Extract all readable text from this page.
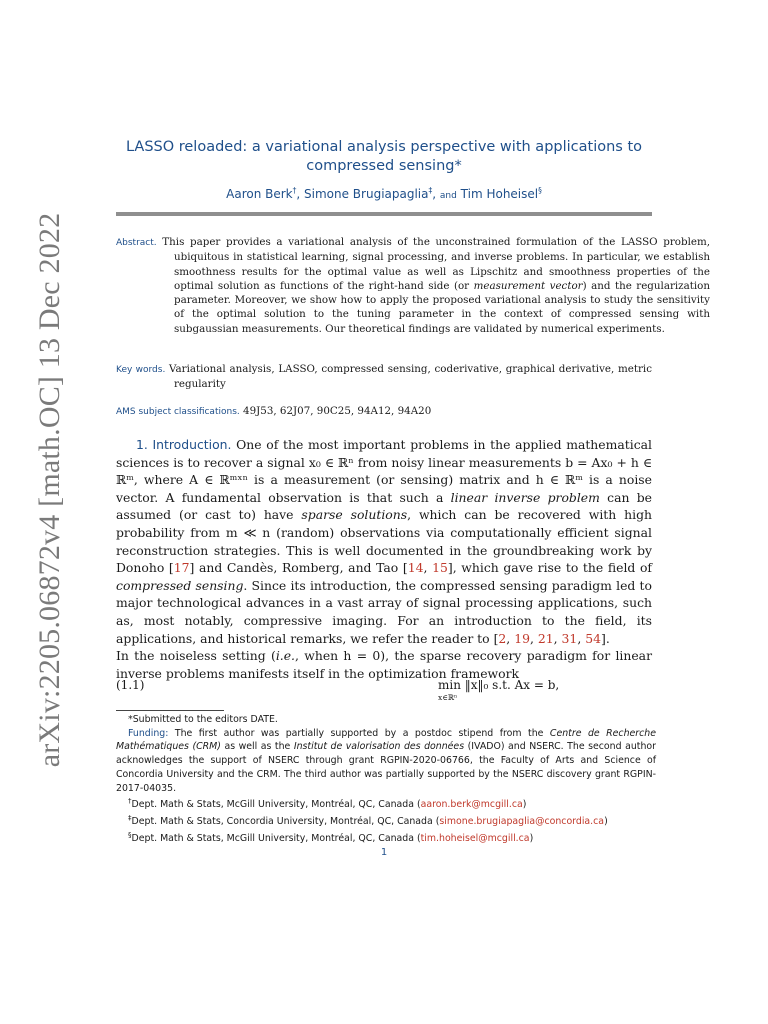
arXiv:2205.06872v4 [math.OC] 13 Dec 2022
LASSO reloaded: a variational analysis perspective with applications to
compressed sensing*
Aaron Berk†, Simone Brugiapaglia‡, and Tim Hoheisel§
Abstract. This paper provides a variational analysis of the unconstrained formulation of the LASSO problem, ubiquitous in statistical learning, signal processing, and inverse problems. In particular, we establish smoothness results for the optimal value as well as Lipschitz and smoothness properties of the optimal solution as functions of the right-hand side (or measurement vector) and the regularization parameter. Moreover, we show how to apply the proposed variational analysis to study the sensitivity of the optimal solution to the tuning parameter in the context of compressed sensing with subgaussian measurements. Our theoretical findings are validated by numerical experiments.
Key words. Variational analysis, LASSO, compressed sensing, coderivative, graphical derivative, metric regularity
AMS subject classifications. 49J53, 62J07, 90C25, 94A12, 94A20

1. Introduction. One of the most important problems in the applied mathematical sciences is to recover a signal x₀ ∈ ℝⁿ from noisy linear measurements b = Ax₀ + h ∈ ℝᵐ, where A ∈ ℝᵐˣⁿ is a measurement (or sensing) matrix and h ∈ ℝᵐ is a noise vector. A fundamental observation is that such a linear inverse problem can be assumed (or cast to) have sparse solutions, which can be recovered with high probability from m ≪ n (random) observations via computationally efficient signal reconstruction strategies. This is well documented in the groundbreaking work by Donoho [17] and Candès, Romberg, and Tao [14, 15], which gave rise to the field of compressed sensing. Since its introduction, the compressed sensing paradigm led to major technological advances in a vast array of signal processing applications, such as, most notably, compressive imaging. For an introduction to the field, its applications, and historical remarks, we refer the reader to [2, 19, 21, 31, 54].

In the noiseless setting (i.e., when h = 0), the sparse recovery paradigm for linear inverse problems manifests itself in the optimization framework

(1.1)	min
x∈ℝⁿ
‖x‖₀ s.t. Ax = b,

*Submitted to the editors DATE.

Funding: The first author was partially supported by a postdoc stipend from the Centre de Recherche Mathématiques (CRM) as well as the Institut de valorisation des données (IVADO) and NSERC. The second author acknowledges the support of NSERC through grant RGPIN-2020-06766, the Faculty of Arts and Science of Concordia University and the CRM. The third author was partially supported by the NSERC discovery grant RGPIN-2017-04035.

†Dept. Math & Stats, McGill University, Montréal, QC, Canada (aaron.berk@mcgill.ca)

‡Dept. Math & Stats, Concordia University, Montréal, QC, Canada (simone.brugiapaglia@concordia.ca)

§Dept. Math & Stats, McGill University, Montréal, QC, Canada (tim.hoheisel@mcgill.ca)

1
